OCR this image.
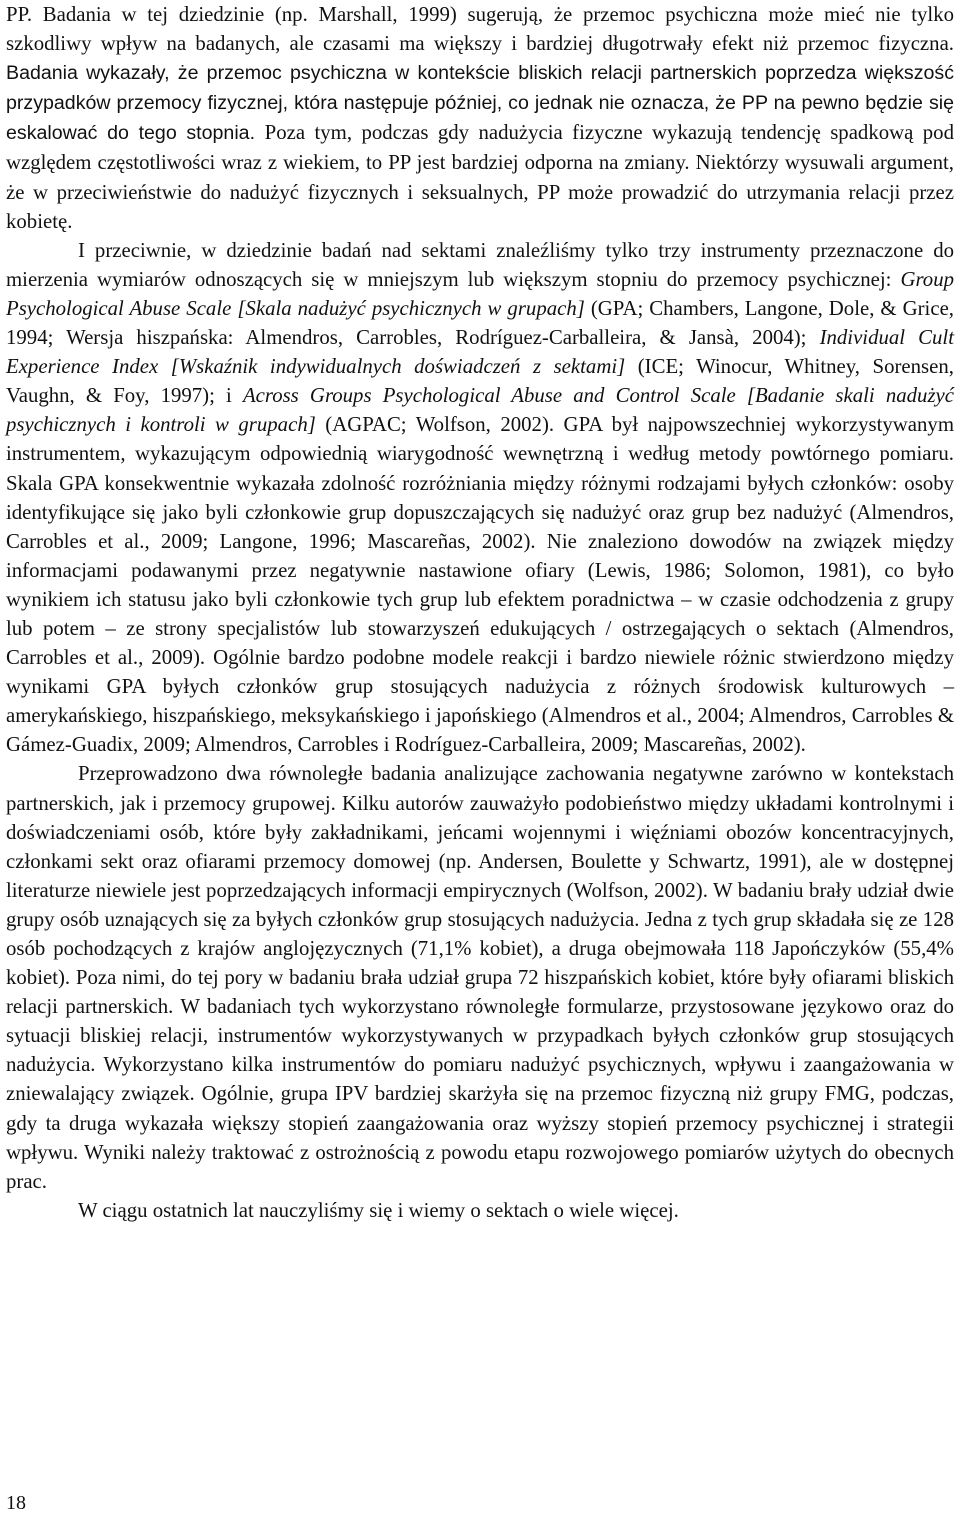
PP. Badania w tej dziedzinie (np. Marshall, 1999) sugerują, że przemoc psychiczna może mieć nie tylko szkodliwy wpływ na badanych, ale czasami ma większy i bardziej długotrwały efekt niż przemoc fizyczna. Badania wykazały, że przemoc psychiczna w kontekście bliskich relacji partnerskich poprzedza większość przypadków przemocy fizycznej, która następuje później, co jednak nie oznacza, że PP na pewno będzie się eskalować do tego stopnia. Poza tym, podczas gdy nadużycia fizyczne wykazują tendencję spadkową pod względem częstotliwości wraz z wiekiem, to PP jest bardziej odporna na zmiany. Niektórzy wysuwali argument, że w przeciwieństwie do nadużyć fizycznych i seksualnych, PP może prowadzić do utrzymania relacji przez kobietę.

I przeciwnie, w dziedzinie badań nad sektami znaleźliśmy tylko trzy instrumenty przeznaczone do mierzenia wymiarów odnoszących się w mniejszym lub większym stopniu do przemocy psychicznej: Group Psychological Abuse Scale [Skala nadużyć psychicznych w grupach] (GPA; Chambers, Langone, Dole, & Grice, 1994; Wersja hiszpańska: Almendros, Carrobles, Rodríguez-Carballeira, & Jansà, 2004); Individual Cult Experience Index [Wskaźnik indywidualnych doświadczeń z sektami] (ICE; Winocur, Whitney, Sorensen, Vaughn, & Foy, 1997); i Across Groups Psychological Abuse and Control Scale [Badanie skali nadużyć psychicznych i kontroli w grupach] (AGPAC; Wolfson, 2002). GPA był najpowszechniej wykorzystywanym instrumentem, wykazującym odpowiednią wiarygodność wewnętrzną i według metody powtórnego pomiaru. Skala GPA konsekwentnie wykazała zdolność rozróżniania między różnymi rodzajami byłych członków: osoby identyfikujące się jako byli członkowie grup dopuszczających się nadużyć oraz grup bez nadużyć (Almendros, Carrobles et al., 2009; Langone, 1996; Mascareñas, 2002). Nie znaleziono dowodów na związek między informacjami podawanymi przez negatywnie nastawione ofiary (Lewis, 1986; Solomon, 1981), co było wynikiem ich statusu jako byli członkowie tych grup lub efektem poradnictwa – w czasie odchodzenia z grupy lub potem – ze strony specjalistów lub stowarzyszeń edukujących / ostrzegających o sektach (Almendros, Carrobles et al., 2009). Ogólnie bardzo podobne modele reakcji i bardzo niewiele różnic stwierdzono między wynikami GPA byłych członków grup stosujących nadużycia z różnych środowisk kulturowych – amerykańskiego, hiszpańskiego, meksykańskiego i japońskiego (Almendros et al., 2004; Almendros, Carrobles & Gámez-Guadix, 2009; Almendros, Carrobles i Rodríguez-Carballeira, 2009; Mascareñas, 2002).

Przeprowadzono dwa równoległe badania analizujące zachowania negatywne zarówno w kontekstach partnerskich, jak i przemocy grupowej. Kilku autorów zauważyło podobieństwo między układami kontrolnymi i doświadczeniami osób, które były zakładnikami, jeńcami wojennymi i więźniami obozów koncentracyjnych, członkami sekt oraz ofiarami przemocy domowej (np. Andersen, Boulette y Schwartz, 1991), ale w dostępnej literaturze niewiele jest poprzedzających informacji empirycznych (Wolfson, 2002). W badaniu brały udział dwie grupy osób uznających się za byłych członków grup stosujących nadużycia. Jedna z tych grup składała się ze 128 osób pochodzących z krajów anglojęzycznych (71,1% kobiet), a druga obejmowała 118 Japończyków (55,4% kobiet). Poza nimi, do tej pory w badaniu brała udział grupa 72 hiszpańskich kobiet, które były ofiarami bliskich relacji partnerskich. W badaniach tych wykorzystano równoległe formularze, przystosowane językowo oraz do sytuacji bliskiej relacji, instrumentów wykorzystywanych w przypadkach byłych członków grup stosujących nadużycia. Wykorzystano kilka instrumentów do pomiaru nadużyć psychicznych, wpływu i zaangażowania w zniewalający związek. Ogólnie, grupa IPV bardziej skarżyła się na przemoc fizyczną niż grupy FMG, podczas, gdy ta druga wykazała większy stopień zaangażowania oraz wyższy stopień przemocy psychicznej i strategii wpływu. Wyniki należy traktować z ostrożnością z powodu etapu rozwojowego pomiarów użytych do obecnych prac.

W ciągu ostatnich lat nauczyliśmy się i wiemy o sektach o wiele więcej.

18
